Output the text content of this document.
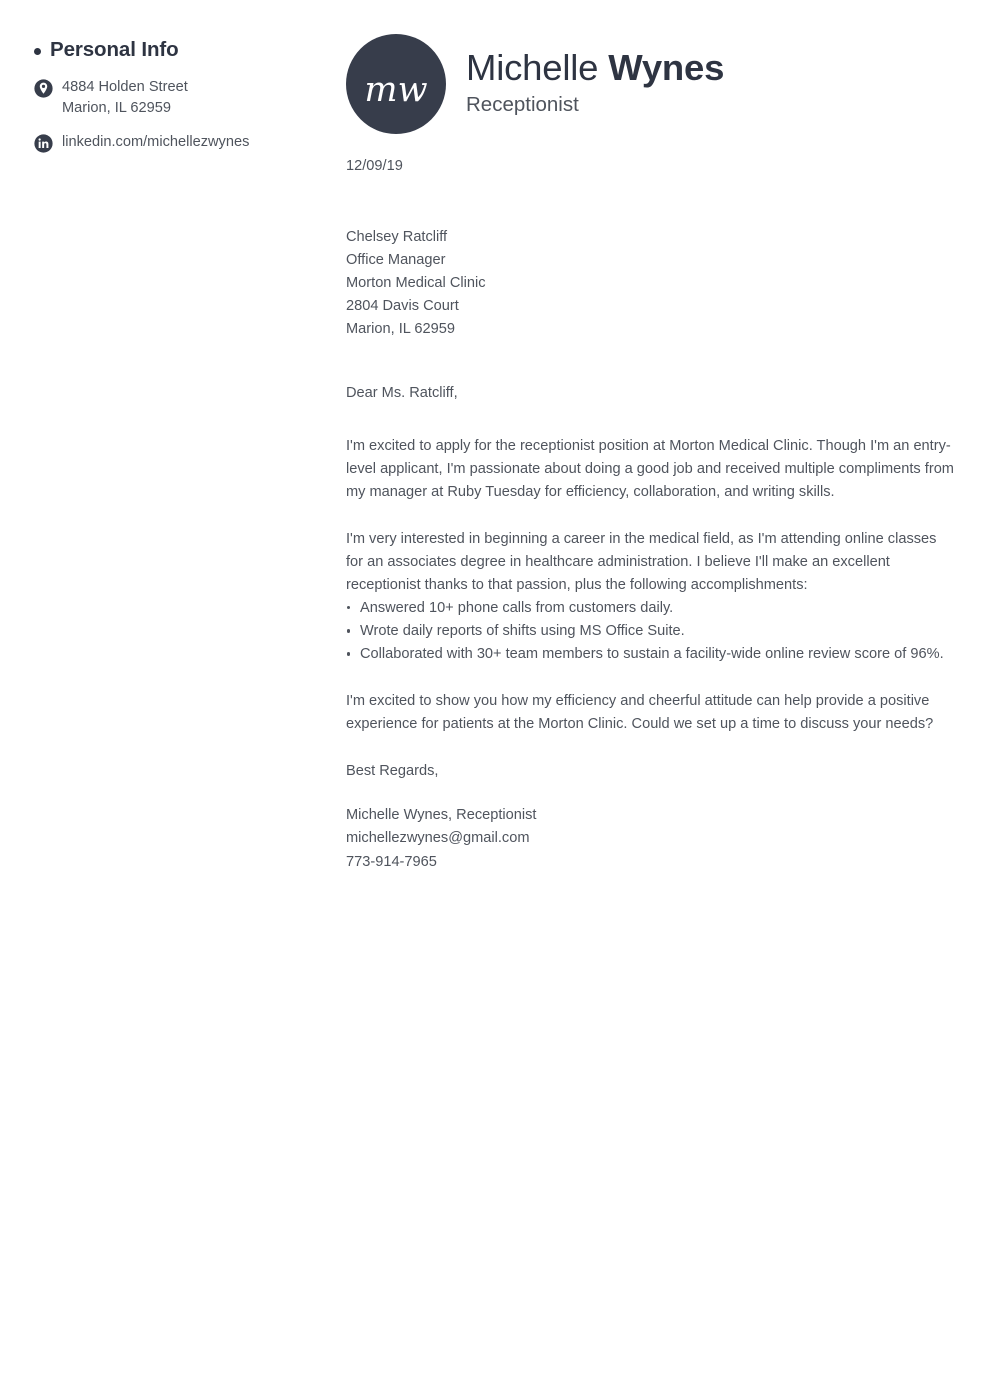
Personal Info
4884 Holden Street
Marion, IL 62959
linkedin.com/michellezwynes
mw
Michelle Wynes

Receptionist

12/09/19

Chelsey Ratcliff
Office Manager
Morton Medical Clinic
2804 Davis Court
Marion, IL 62959

Dear Ms. Ratcliff,

I'm excited to apply for the receptionist position at Morton Medical Clinic. Though I'm an entry-level applicant, I'm passionate about doing a good job and received multiple compliments from my manager at Ruby Tuesday for efficiency, collaboration, and writing skills.

I'm very interested in beginning a career in the medical field, as I'm attending online classes for an associates degree in healthcare administration. I believe I'll make an excellent receptionist thanks to that passion, plus the following accomplishments:

Answered 10+ phone calls from customers daily.
Wrote daily reports of shifts using MS Office Suite.
Collaborated with 30+ team members to sustain a facility-wide online review score of 96%.

I'm excited to show you how my efficiency and cheerful attitude can help provide a positive experience for patients at the Morton Clinic. Could we set up a time to discuss your needs?

Best Regards,

Michelle Wynes, Receptionist
michellezwynes@gmail.com
773-914-7965
